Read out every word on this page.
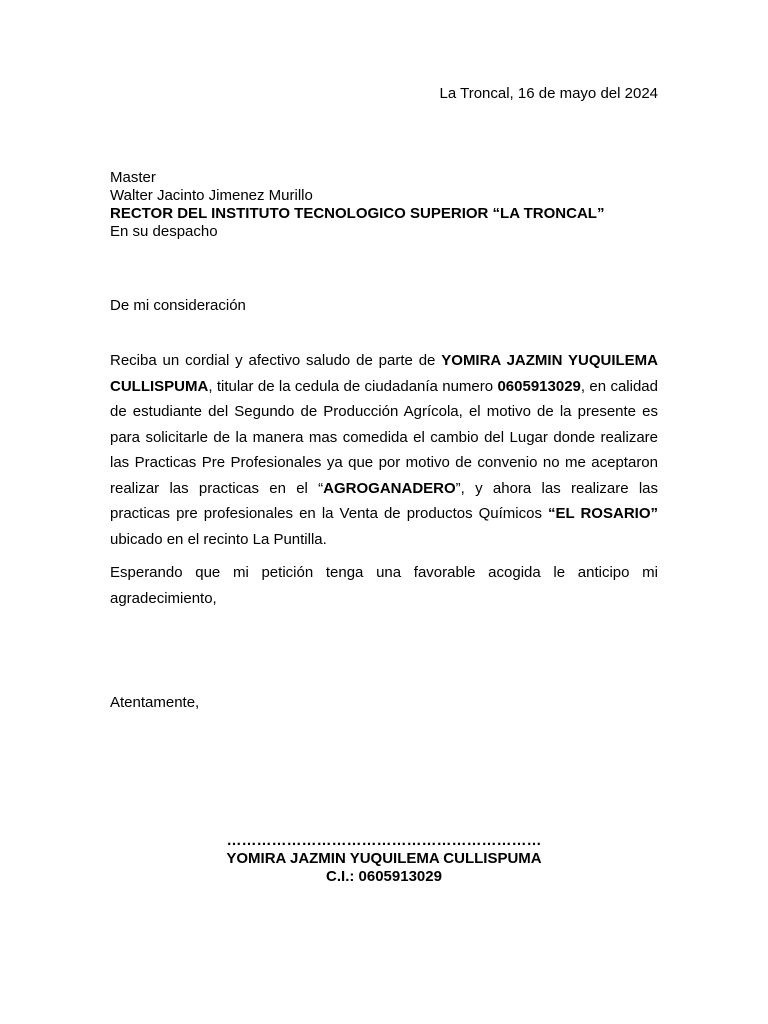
La Troncal, 16 de mayo del 2024
Master
Walter Jacinto Jimenez Murillo
RECTOR DEL INSTITUTO TECNOLOGICO SUPERIOR “LA TRONCAL”
En su despacho
De mi consideración

Reciba un cordial y afectivo saludo de parte de YOMIRA JAZMIN YUQUILEMA CULLISPUMA, titular de la cedula de ciudadanía numero 0605913029, en calidad de estudiante del Segundo de Producción Agrícola, el motivo de la presente es para solicitarle de la manera mas comedida el cambio del Lugar donde realizare las Practicas Pre Profesionales ya que por motivo de convenio no me aceptaron realizar las practicas en el “AGROGANADERO”, y ahora las realizare las practicas pre profesionales en la Venta de productos Químicos “EL ROSARIO” ubicado en el recinto La Puntilla.

Esperando que mi petición tenga una favorable acogida le anticipo mi agradecimiento,

Atentamente,
………………………………………………………
YOMIRA JAZMIN YUQUILEMA CULLISPUMA
C.I.: 0605913029
